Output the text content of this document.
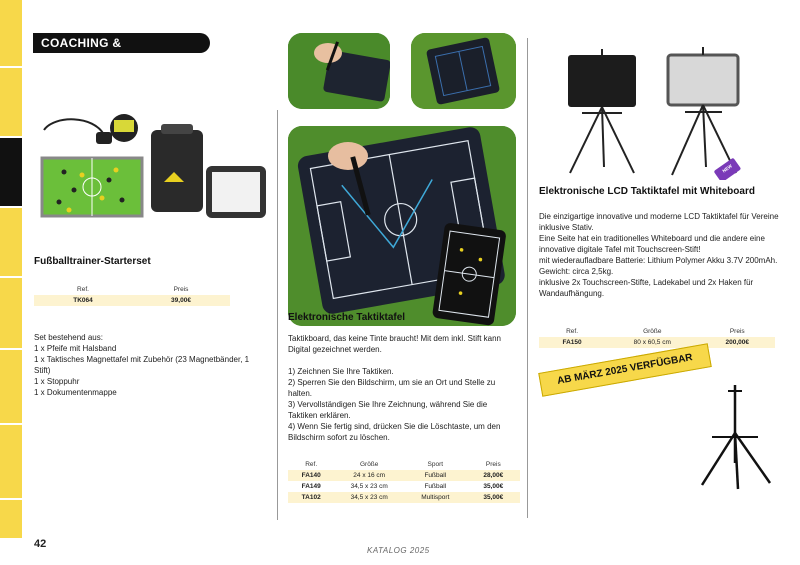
COACHING & SCHIEDSRICHTER
Fußballtrainer-Starterset
Ref.	Preis
TK064	39,00€
Set bestehend aus:
1 x Pfeife mit Halsband
1 x Taktisches Magnettafel mit Zubehör (23 Magnetbänder, 1 Stift)
1 x Stoppuhr
1 x Dokumentenmappe
Elektronische Taktiktafel
Taktikboard, das keine Tinte braucht! Mit dem inkl. Stift kann Digital gezeichnet werden.

1) Zeichnen Sie Ihre Taktiken.
2) Sperren Sie den Bildschirm, um sie an Ort und Stelle zu halten.
3) Vervollständigen Sie Ihre Zeichnung, während Sie die Taktiken erklären.
4) Wenn Sie fertig sind, drücken Sie die Löschtaste, um den Bildschirm sofort zu löschen.
Ref.	Größe	Sport	Preis
FA140	24 x 16 cm	Fußball	28,00€
FA149	34,5 x 23 cm	Fußball	35,00€
TA102	34,5 x 23 cm	Multisport	35,00€
NEW
Elektronische LCD Taktiktafel mit Whiteboard
Die einzigartige innovative und moderne LCD Taktiktafel für Vereine inklusive Stativ.
Eine Seite hat ein traditionelles Whiteboard und die andere eine innovative digitale Tafel mit Touchscreen-Stift!
mit wiederaufladbare Batterie: Lithium Polymer Akku 3.7V 200mAh.
Gewicht: circa 2,5kg.
inklusive 2x Touchscreen-Stifte, Ladekabel und 2x Haken für Wandaufhängung.
Ref.	Größe	Preis
FA150	80 x 60,5 cm	200,00€
AB MÄRZ 2025 VERFÜGBAR
42
KATALOG 2025
